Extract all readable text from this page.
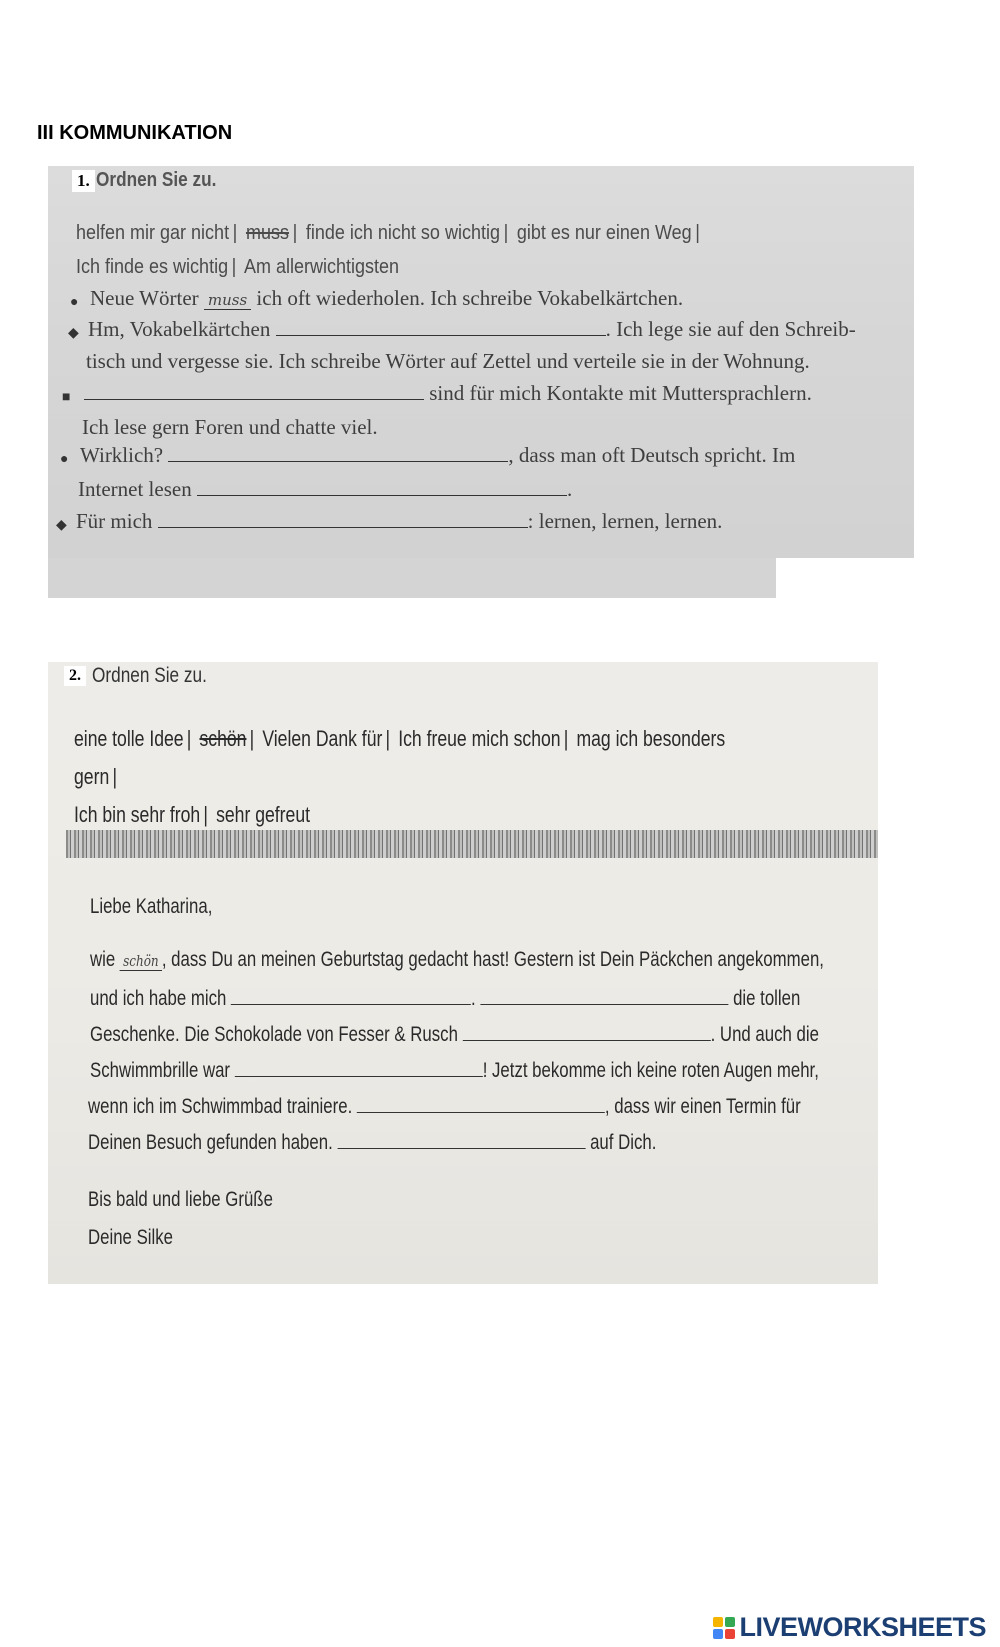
III KOMMUNIKATION
1. Ordnen Sie zu.
helfen mir gar nicht | muss | finde ich nicht so wichtig | gibt es nur einen Weg |
Ich finde es wichtig | Am allerwichtigsten
● Neue Wörter muss ich oft wiederholen. Ich schreibe Vokabelkärtchen.
◆ Hm, Vokabelkärtchen	. Ich lege sie auf den Schreib-
tisch und vergesse sie. Ich schreibe Wörter auf Zettel und verteile sie in der Wohnung.
■	sind für mich Kontakte mit Muttersprachlern.
Ich lese gern Foren und chatte viel.
● Wirklich?	, dass man oft Deutsch spricht. Im
Internet lesen	.
◆ Für mich	: lernen, lernen, lernen.
2. Ordnen Sie zu.
eine tolle Idee | schön | Vielen Dank für | Ich freue mich schon | mag ich besonders gern |
Ich bin sehr froh | sehr gefreut
Liebe Katharina,
wie schön , dass Du an meinen Geburtstag gedacht hast! Gestern ist Dein Päckchen angekommen,
und ich habe mich	.	die tollen
Geschenke. Die Schokolade von Fesser & Rusch	. Und auch die
Schwimmbrille war	! Jetzt bekomme ich keine roten Augen mehr,
wenn ich im Schwimmbad trainiere.	, dass wir einen Termin für
Deinen Besuch gefunden haben.	auf Dich.
Bis bald und liebe Grüße
Deine Silke
LIVEWORKSHEETS
